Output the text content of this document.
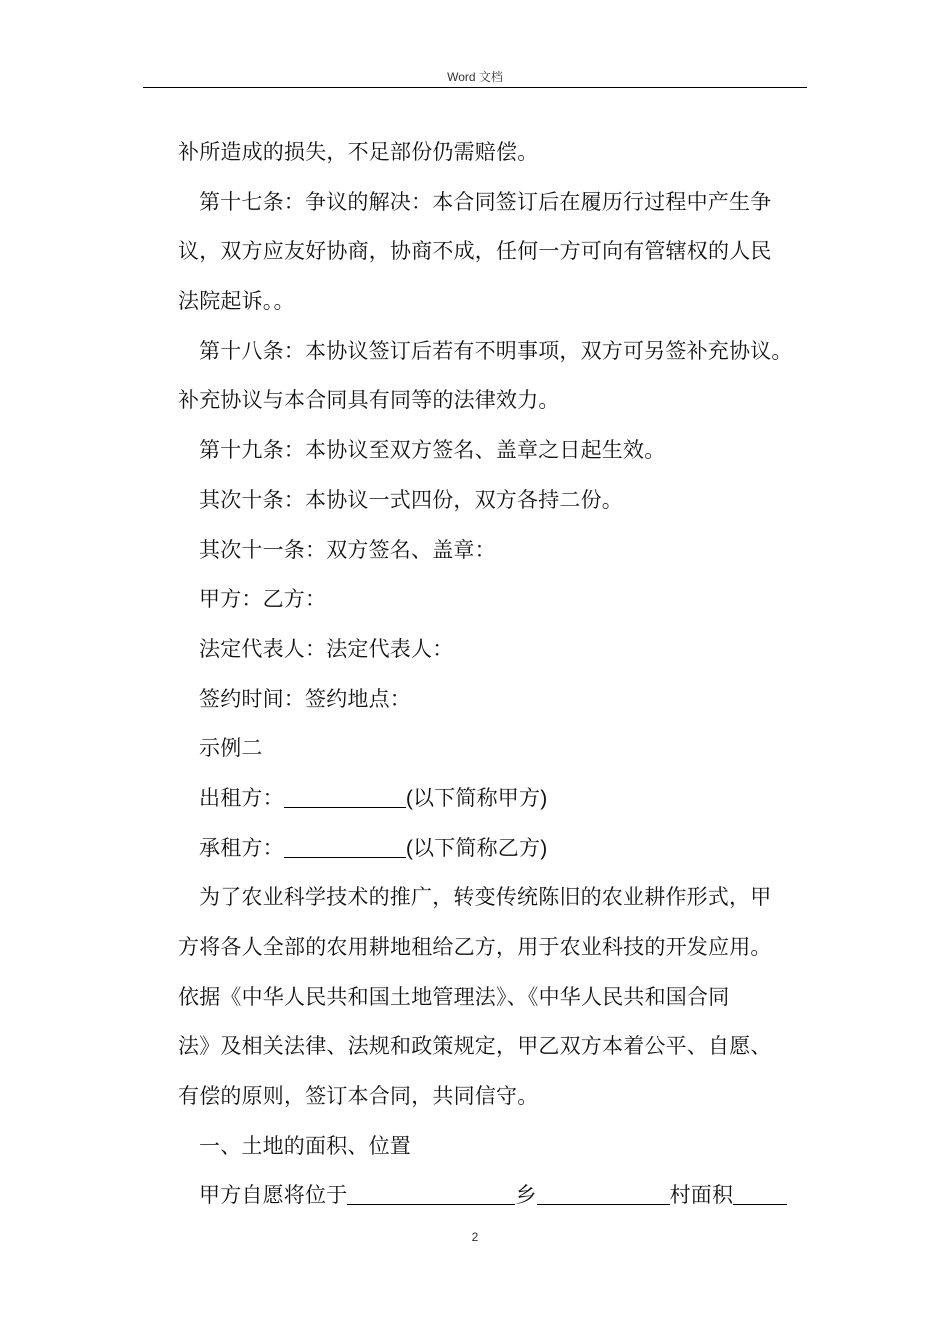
Word 文档
补所造成的损失，不足部份仍需赔偿。
第十七条：争议的解决：本合同签订后在履历行过程中产生争
议，双方应友好协商，协商不成，任何一方可向有管辖权的人民
法院起诉。。
第十八条：本协议签订后若有不明事项，双方可另签补充协议。
补充协议与本合同具有同等的法律效力。
第十九条：本协议至双方签名、盖章之日起生效。
其次十条：本协议一式四份，双方各持二份。
其次十一条：双方签名、盖章：
甲方：乙方：
法定代表人：法定代表人：
签约时间：签约地点：
示例二
出租方：	(以下简称甲方)
承租方：	(以下简称乙方)
为了农业科学技术的推广，转变传统陈旧的农业耕作形式，甲
方将各人全部的农用耕地租给乙方，用于农业科技的开发应用。
依据《中华人民共和国土地管理法》、《中华人民共和国合同
法》及相关法律、法规和政策规定，甲乙双方本着公平、自愿、
有偿的原则，签订本合同，共同信守。
一、土地的面积、位置
甲方自愿将位于	乡	村面积
2
